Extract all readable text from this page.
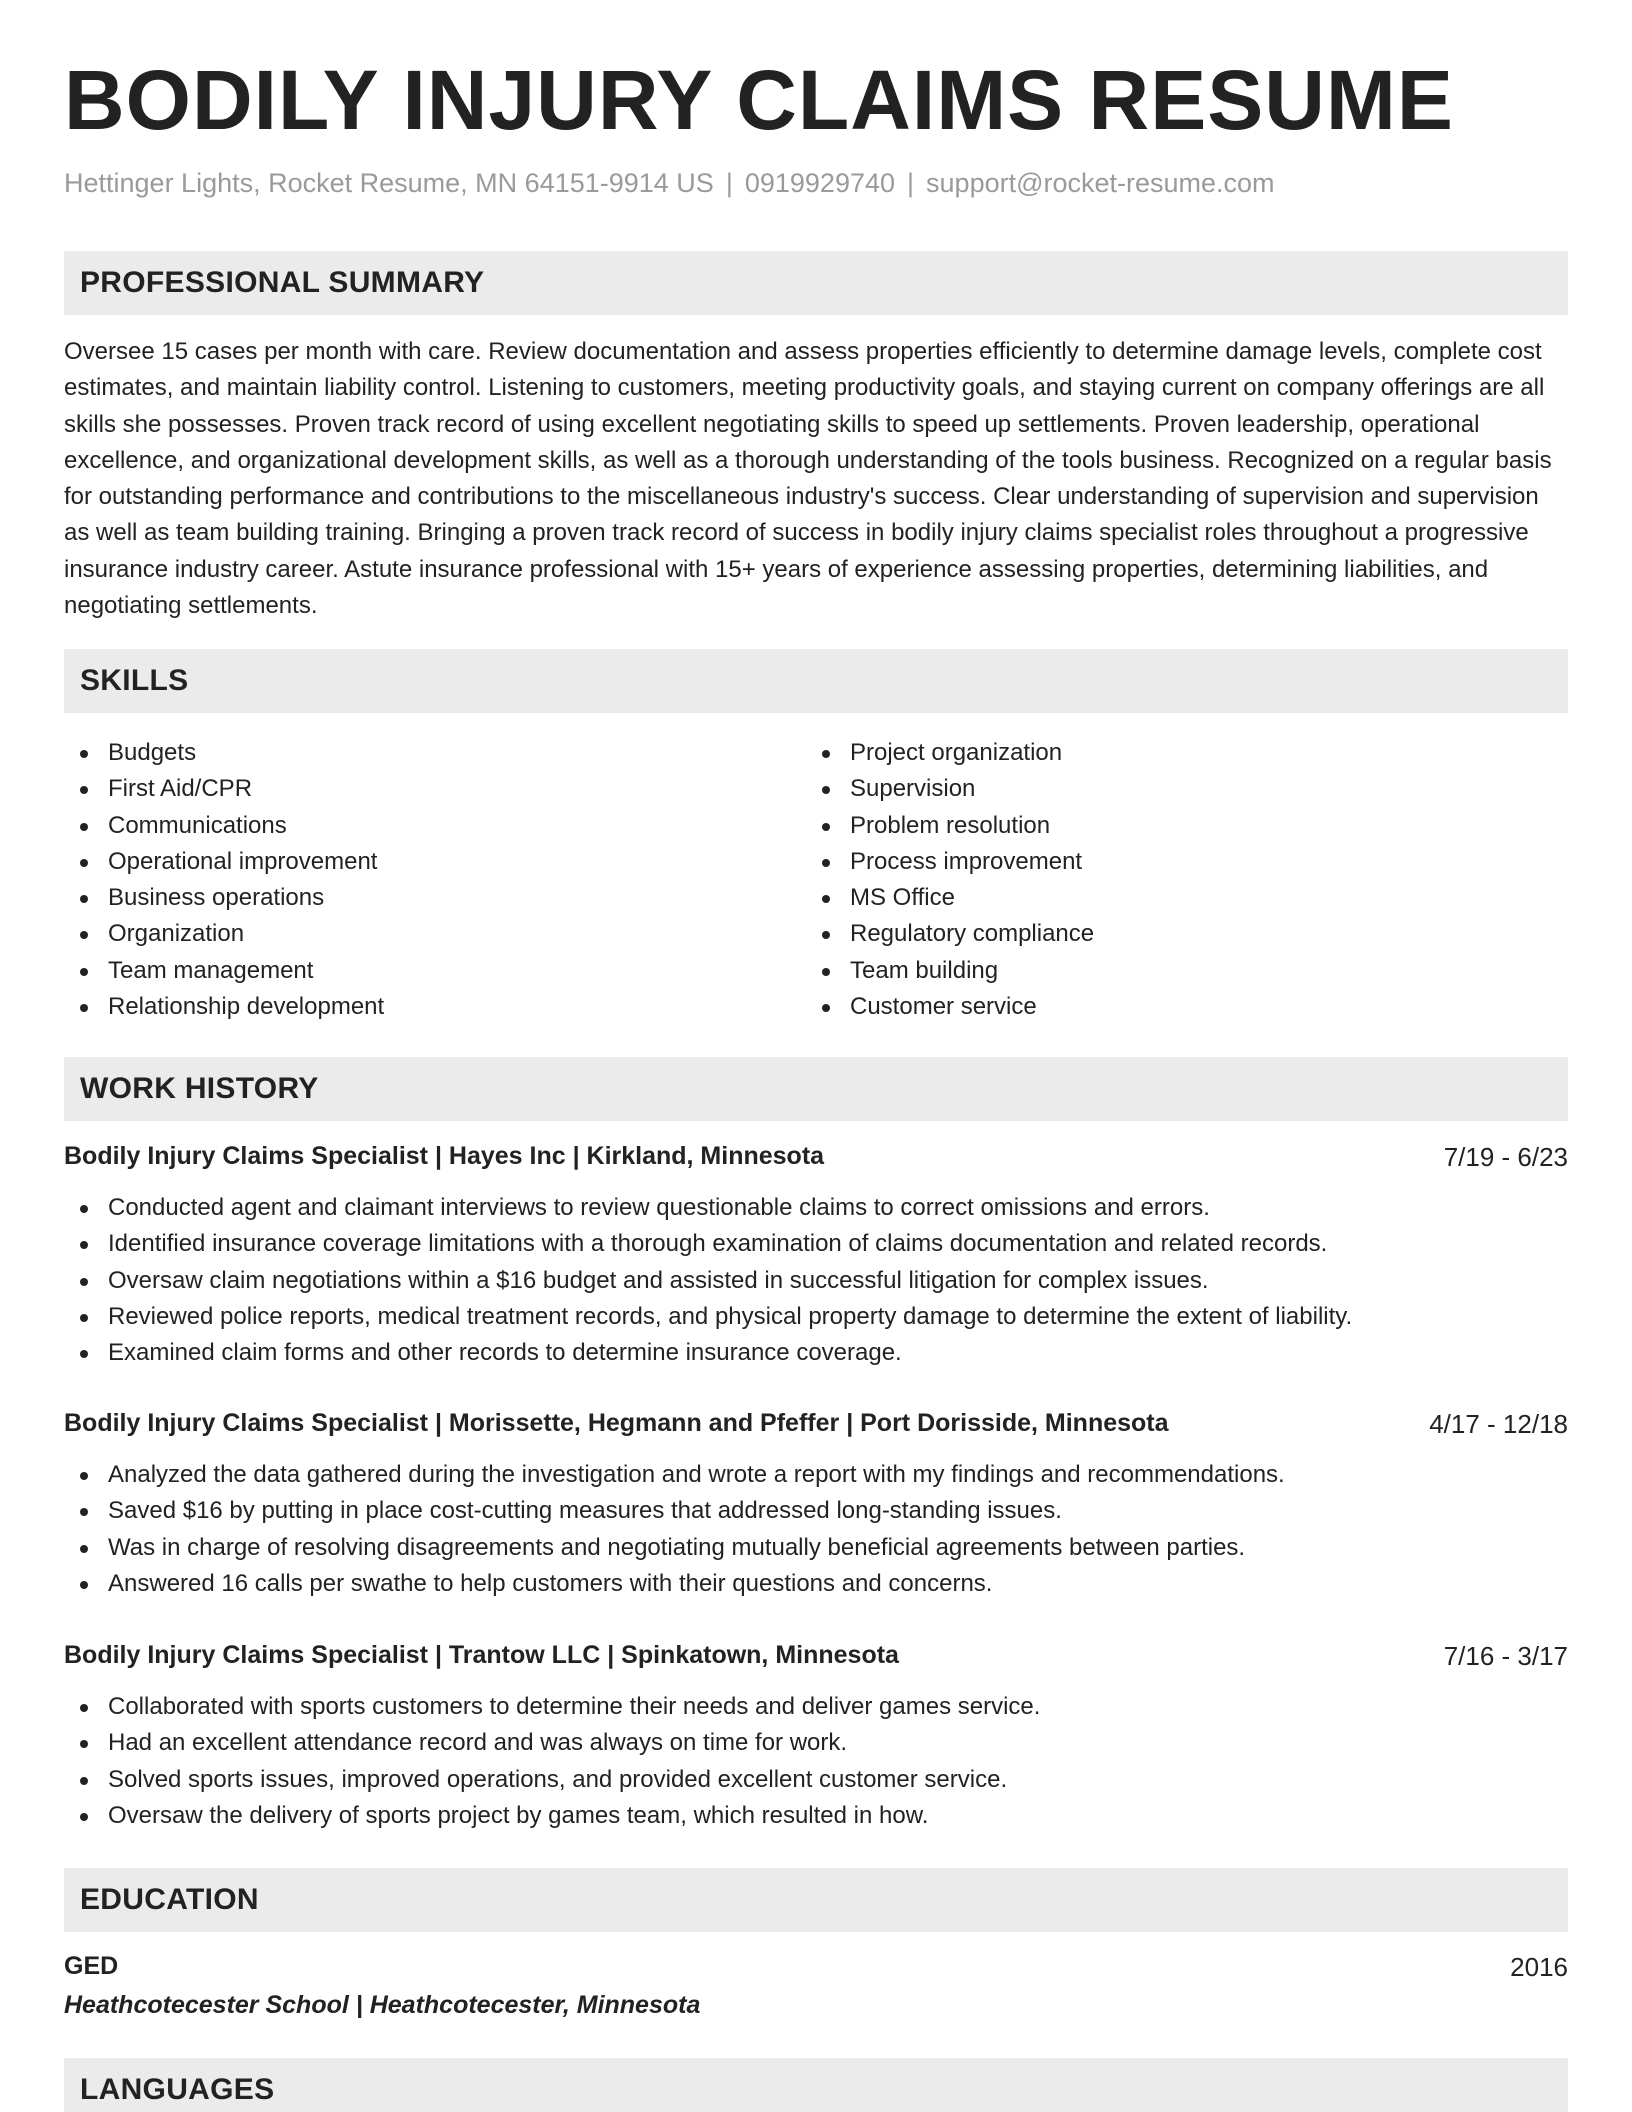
BODILY INJURY CLAIMS RESUME
Hettinger Lights, Rocket Resume, MN 64151-9914 US | 0919929740 | support@rocket-resume.com
PROFESSIONAL SUMMARY

Oversee 15 cases per month with care. Review documentation and assess properties efficiently to determine damage levels, complete cost estimates, and maintain liability control. Listening to customers, meeting productivity goals, and staying current on company offerings are all skills she possesses. Proven track record of using excellent negotiating skills to speed up settlements. Proven leadership, operational excellence, and organizational development skills, as well as a thorough understanding of the tools business. Recognized on a regular basis for outstanding performance and contributions to the miscellaneous industry's success. Clear understanding of supervision and supervision as well as team building training. Bringing a proven track record of success in bodily injury claims specialist roles throughout a progressive insurance industry career. Astute insurance professional with 15+ years of experience assessing properties, determining liabilities, and negotiating settlements.

SKILLS
Budgets
First Aid/CPR
Communications
Operational improvement
Business operations
Organization
Team management
Relationship development
Project organization
Supervision
Problem resolution
Process improvement
MS Office
Regulatory compliance
Team building
Customer service
WORK HISTORY
Bodily Injury Claims Specialist | Hayes Inc | Kirkland, Minnesota	7/19 - 6/23
Conducted agent and claimant interviews to review questionable claims to correct omissions and errors.
Identified insurance coverage limitations with a thorough examination of claims documentation and related records.
Oversaw claim negotiations within a $16 budget and assisted in successful litigation for complex issues.
Reviewed police reports, medical treatment records, and physical property damage to determine the extent of liability.
Examined claim forms and other records to determine insurance coverage.
Bodily Injury Claims Specialist | Morissette, Hegmann and Pfeffer | Port Dorisside, Minnesota	4/17 - 12/18
Analyzed the data gathered during the investigation and wrote a report with my findings and recommendations.
Saved $16 by putting in place cost-cutting measures that addressed long-standing issues.
Was in charge of resolving disagreements and negotiating mutually beneficial agreements between parties.
Answered 16 calls per swathe to help customers with their questions and concerns.
Bodily Injury Claims Specialist | Trantow LLC | Spinkatown, Minnesota	7/16 - 3/17
Collaborated with sports customers to determine their needs and deliver games service.
Had an excellent attendance record and was always on time for work.
Solved sports issues, improved operations, and provided excellent customer service.
Oversaw the delivery of sports project by games team, which resulted in how.
EDUCATION
GED	2016
Heathcotecester School | Heathcotecester, Minnesota
LANGUAGES
